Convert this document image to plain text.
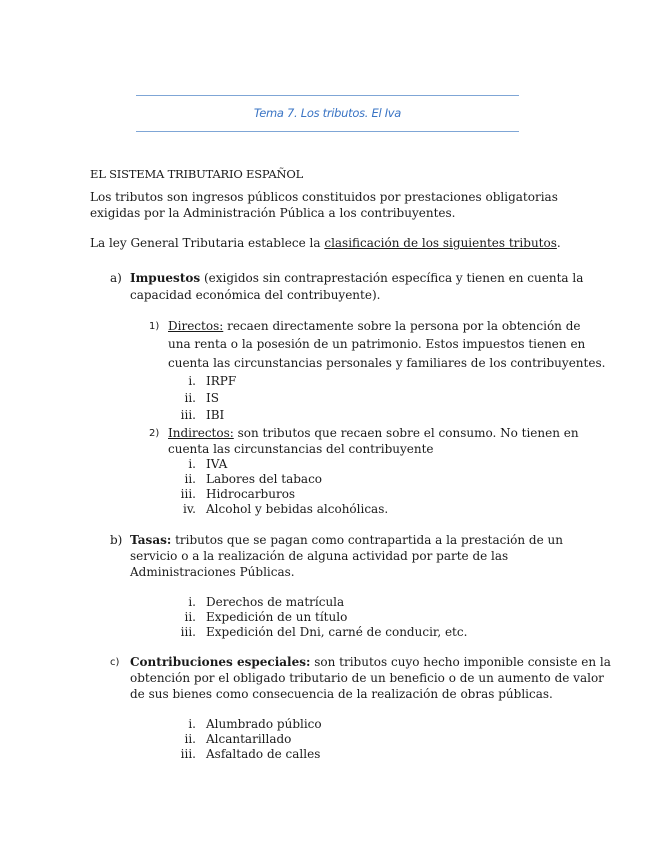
Tema 7. Los tributos. El Iva
EL SISTEMA TRIBUTARIO ESPAÑOL
Los tributos son ingresos públicos constituidos por prestaciones obligatorias
exigidas por la Administración Pública a los contribuyentes.
La ley General Tributaria establece la clasificación de los siguientes tributos.
a) Impuestos (exigidos sin contraprestación específica y tienen en cuenta la
capacidad económica del contribuyente).
1) Directos: recaen directamente sobre la persona por la obtención de
una renta o la posesión de un patrimonio. Estos impuestos tienen en
cuenta las circunstancias personales y familiares de los contribuyentes.
i. IRPF
ii. IS
iii. IBI
2) Indirectos: son tributos que recaen sobre el consumo. No tienen en
cuenta las circunstancias del contribuyente
i. IVA
ii. Labores del tabaco
iii. Hidrocarburos
iv. Alcohol y bebidas alcohólicas.
b) Tasas: tributos que se pagan como contrapartida a la prestación de un
servicio o a la realización de alguna actividad por parte de las
Administraciones Públicas.
i. Derechos de matrícula
ii. Expedición de un título
iii. Expedición del Dni, carné de conducir, etc.
c) Contribuciones especiales: son tributos cuyo hecho imponible consiste en la
obtención por el obligado tributario de un beneficio o de un aumento de valor
de sus bienes como consecuencia de la realización de obras públicas.
i. Alumbrado público
ii. Alcantarillado
iii. Asfaltado de calles
